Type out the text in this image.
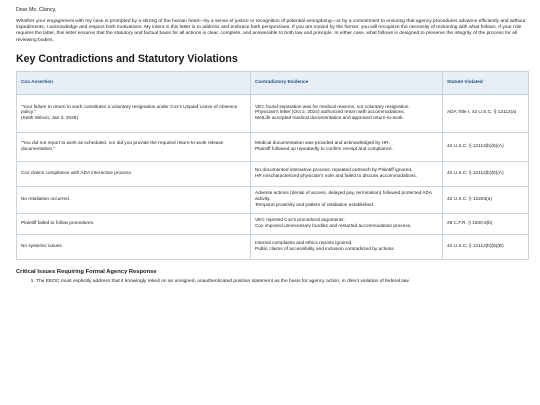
Dear Ms. Clancy,

Whether your engagement with my case is prompted by a stirring of the human heart—by a sense of justice or recognition of potential wrongdoing—or by a commitment to ensuring that agency procedures advance efficiently and without impediments, I acknowledge and respect both motivations. My intent in this letter is to address and embrace both perspectives. If you are moved by the former, you will recognize the necessity of reckoning with what follows. If your role requires the latter, this letter ensures that the statutory and factual basis for all actions is clear, complete, and answerable to both law and principle. In either case, what follows is designed to preserve the integrity of the process for all reviewing bodies.

Key Contradictions and Statutory Violations
Cox Assertion	Contradictory Evidence	Statute Violated

"Your failure to return to work constitutes a voluntary resignation under Cox's Unpaid Leave of Absence policy."
(Keith Wilson, Jan 3, 2025)	VEC found separation was for medical reasons, not voluntary resignation.
Physician's letter (Oct 2, 2024) authorized return with accommodations.
MetLife accepted medical documentation and approved return-to-work.	ADA Title I, 42 U.S.C. § 12112(a)

"You did not report to work as scheduled, nor did you provide the required return-to-work release documentation."	Medical documentation was provided and acknowledged by HR.
Plaintiff followed up repeatedly to confirm receipt and compliance.	42 U.S.C. § 12112(b)(5)(A)

Cox claims compliance with ADA interactive process.	No documented interactive process; repeated outreach by Plaintiff ignored.
HR mischaracterized physician's note and failed to discuss accommodations.	42 U.S.C. § 12112(b)(5)(A)

No retaliation occurred.	Adverse actions (denial of access, delayed pay, termination) followed protected ADA activity.
Temporal proximity and pattern of retaliation established.	42 U.S.C. § 12203(a)

Plaintiff failed to follow procedures.	VEC rejected Cox's procedural arguments.
Cox imposed unnecessary hurdles and restarted accommodation process.	29 C.F.R. § 1630.9(b)

No systemic issues.	Internal complaints and ethics reports ignored.
Public claims of accessibility and inclusion contradicted by actions.	42 U.S.C. § 12112(b)(5)(B)
Critical Issues Requiring Formal Agency Response
1. The EEOC must explicitly address that it knowingly relied on an unsigned, unauthenticated position statement as the basis for agency action, in direct violation of federal law.
